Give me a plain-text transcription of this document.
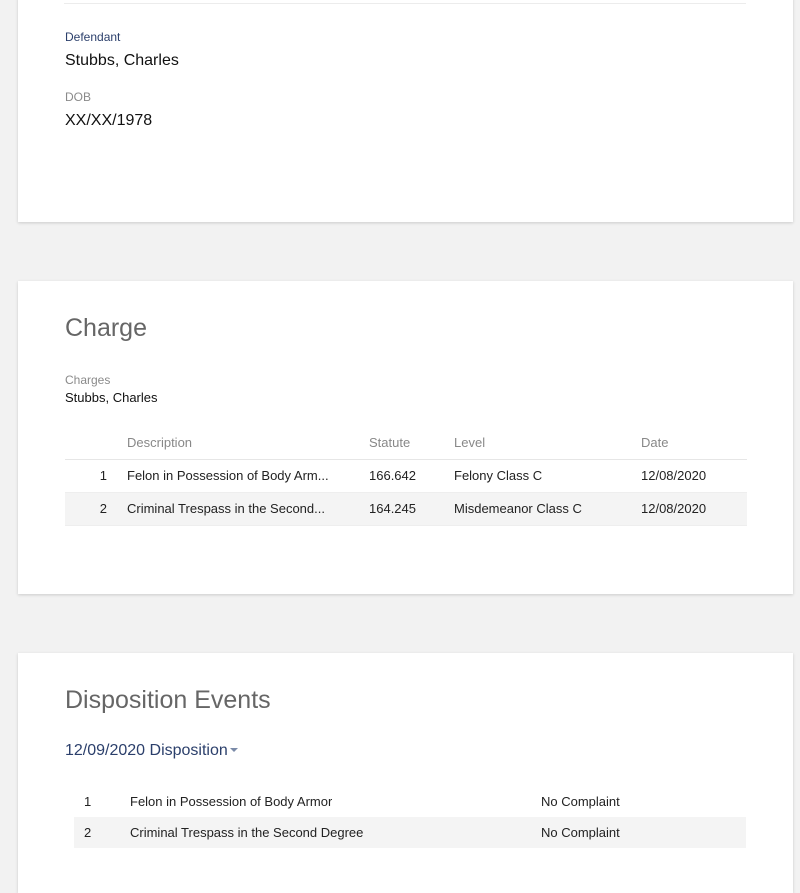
Defendant
Stubbs, Charles
DOB
XX/XX/1978
Charge
Charges
Stubbs, Charles
Description	Statute	Level	Date
1 Felon in Possession of Body Arm...	166.642	Felony Class C	12/08/2020
2 Criminal Trespass in the Second...	164.245	Misdemeanor Class C	12/08/2020
Disposition Events
12/09/2020 Disposition
1	Felon in Possession of Body Armor	No Complaint
2	Criminal Trespass in the Second Degree	No Complaint
